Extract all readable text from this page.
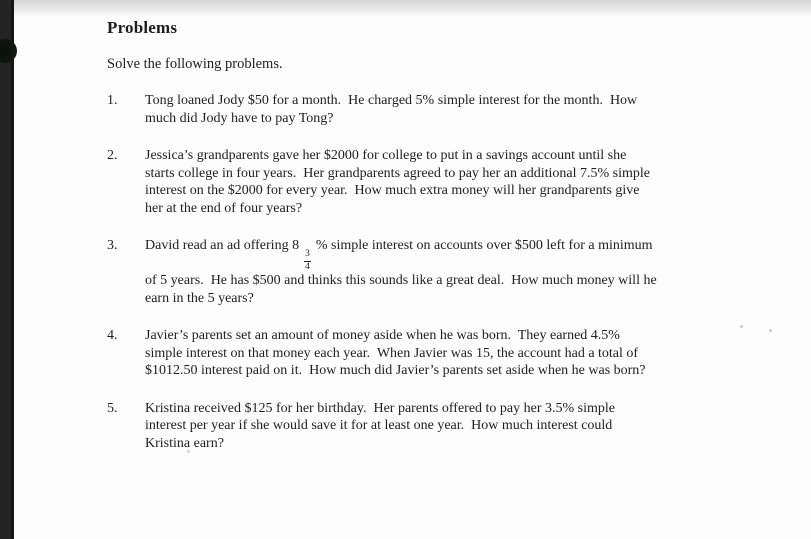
Problems

Solve the following problems.

1.	Tong loaned Jody $50 for a month.  He charged 5% simple interest for the month.  How
much did Jody have to pay Tong?
2.	Jessica’s grandparents gave her $2000 for college to put in a savings account until she
starts college in four years.  Her grandparents agreed to pay her an additional 7.5% simple
interest on the $2000 for every year.  How much extra money will her grandparents give
her at the end of four years?
3.	David read an ad offering 8
$\frac{3}{4}$
% simple interest on accounts over $500 left for a minimum
of 5 years.  He has $500 and thinks this sounds like a great deal.  How much money will he
earn in the 5 years?
4.	Javier’s parents set an amount of money aside when he was born.  They earned 4.5%
simple interest on that money each year.  When Javier was 15, the account had a total of
$1012.50 interest paid on it.  How much did Javier’s parents set aside when he was born?
5.	Kristina received $125 for her birthday.  Her parents offered to pay her 3.5% simple
interest per year if she would save it for at least one year.  How much interest could
Kristina earn?
